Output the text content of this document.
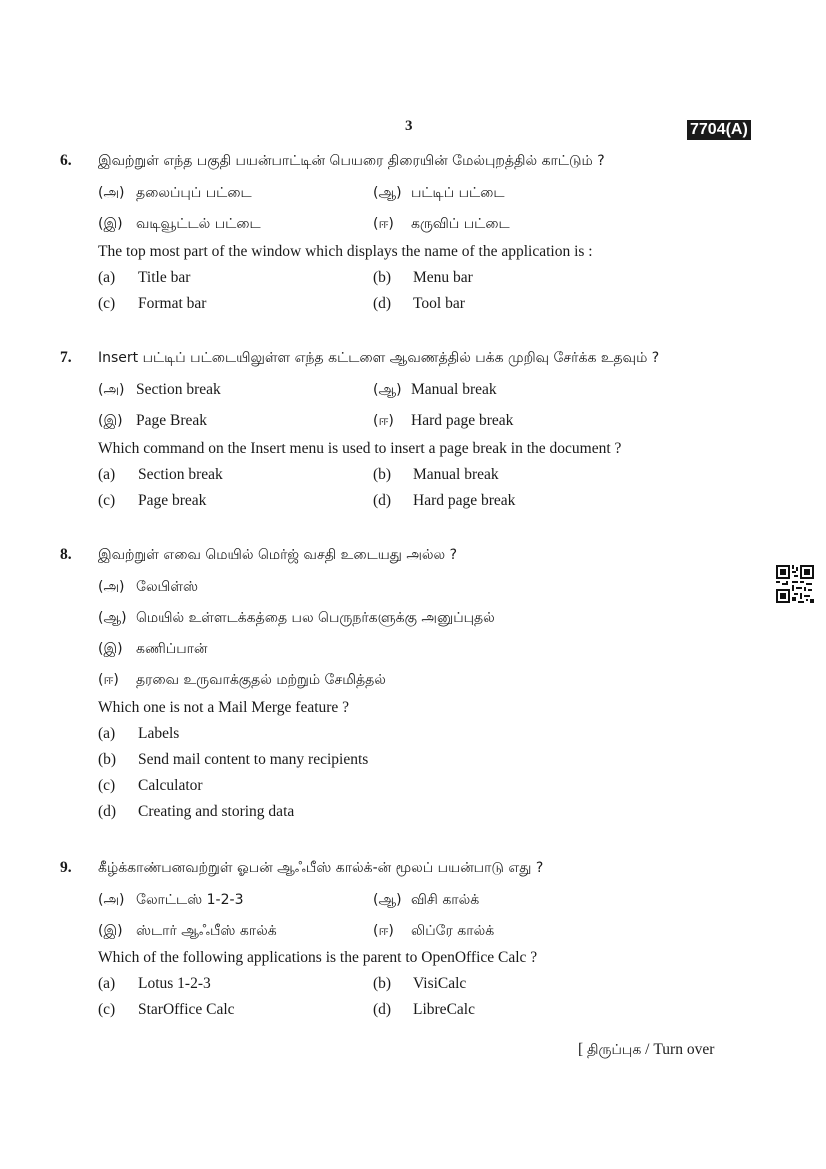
3	7704(A)
6. இவற்றுள் எந்த பகுதி பயன்பாட்டின் பெயரை திரையின் மேல்புறத்தில் காட்டும் ?
(அ) தலைப்புப் பட்டை	(ஆ) பட்டிப் பட்டை
(இ) வடிவூட்டல் பட்டை	(ஈ) கருவிப் பட்டை
The top most part of the window which displays the name of the application is :
(a) Title bar	(b) Menu bar
(c) Format bar	(d) Tool bar
7. Insert பட்டிப் பட்டையிலுள்ள எந்த கட்டளை ஆவணத்தில் பக்க முறிவு சேர்க்க உதவும் ?
(அ) Section break	(ஆ) Manual break
(இ) Page Break	(ஈ) Hard page break
Which command on the Insert menu is used to insert a page break in the document ?
(a) Section break	(b) Manual break
(c) Page break	(d) Hard page break
8. இவற்றுள் எவை மெயில் மெர்ஜ் வசதி உடையது அல்ல ?
(அ) லேபிள்ஸ்
(ஆ) மெயில் உள்ளடக்கத்தை பல பெருநர்களுக்கு அனுப்புதல்
(இ) கணிப்பான்
(ஈ) தரவை உருவாக்குதல் மற்றும் சேமித்தல்
Which one is not a Mail Merge feature ?
(a) Labels
(b) Send mail content to many recipients
(c) Calculator
(d) Creating and storing data
9. கீழ்க்காண்பனவற்றுள் ஓபன் ஆஃபீஸ் கால்க்-ன் மூலப் பயன்பாடு எது ?
(அ) லோட்டஸ் 1-2-3	(ஆ) விசி கால்க்
(இ) ஸ்டார் ஆஃபீஸ் கால்க்	(ஈ) லிப்ரே கால்க்
Which of the following applications is the parent to OpenOffice Calc ?
(a) Lotus 1-2-3	(b) VisiCalc
(c) StarOffice Calc	(d) LibreCalc
[ திருப்புக / Turn over
